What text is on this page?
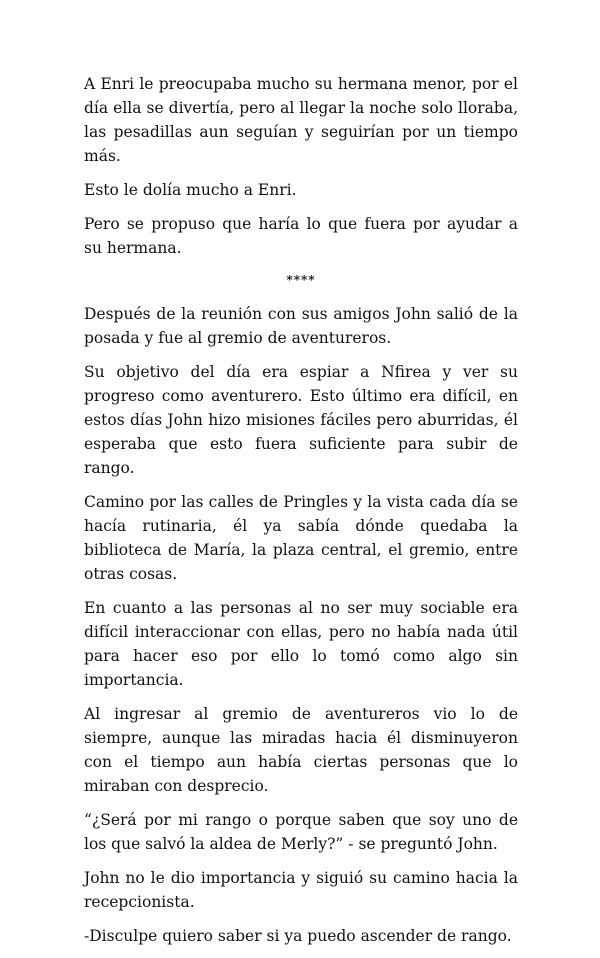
A Enri le preocupaba mucho su hermana menor, por el día ella se divertía, pero al llegar la noche solo lloraba, las pesadillas aun seguían y seguirían por un tiempo más.

Esto le dolía mucho a Enri.

Pero se propuso que haría lo que fuera por ayudar a su hermana.

****

Después de la reunión con sus amigos John salió de la posada y fue al gremio de aventureros.

Su objetivo del día era espiar a Nfirea y ver su progreso como aventurero. Esto último era difícil, en estos días John hizo misiones fáciles pero aburridas, él esperaba que esto fuera suficiente para subir de rango.

Camino por las calles de Pringles y la vista cada día se hacía rutinaria, él ya sabía dónde quedaba la biblioteca de María, la plaza central, el gremio, entre otras cosas.

En cuanto a las personas al no ser muy sociable era difícil interaccionar con ellas, pero no había nada útil para hacer eso por ello lo tomó como algo sin importancia.

Al ingresar al gremio de aventureros vio lo de siempre, aunque las miradas hacia él disminuyeron con el tiempo aun había ciertas personas que lo miraban con desprecio.

“¿Será por mi rango o porque saben que soy uno de los que salvó la aldea de Merly?” - se preguntó John.

John no le dio importancia y siguió su camino hacia la recepcionista.

-Disculpe quiero saber si ya puedo ascender de rango.
